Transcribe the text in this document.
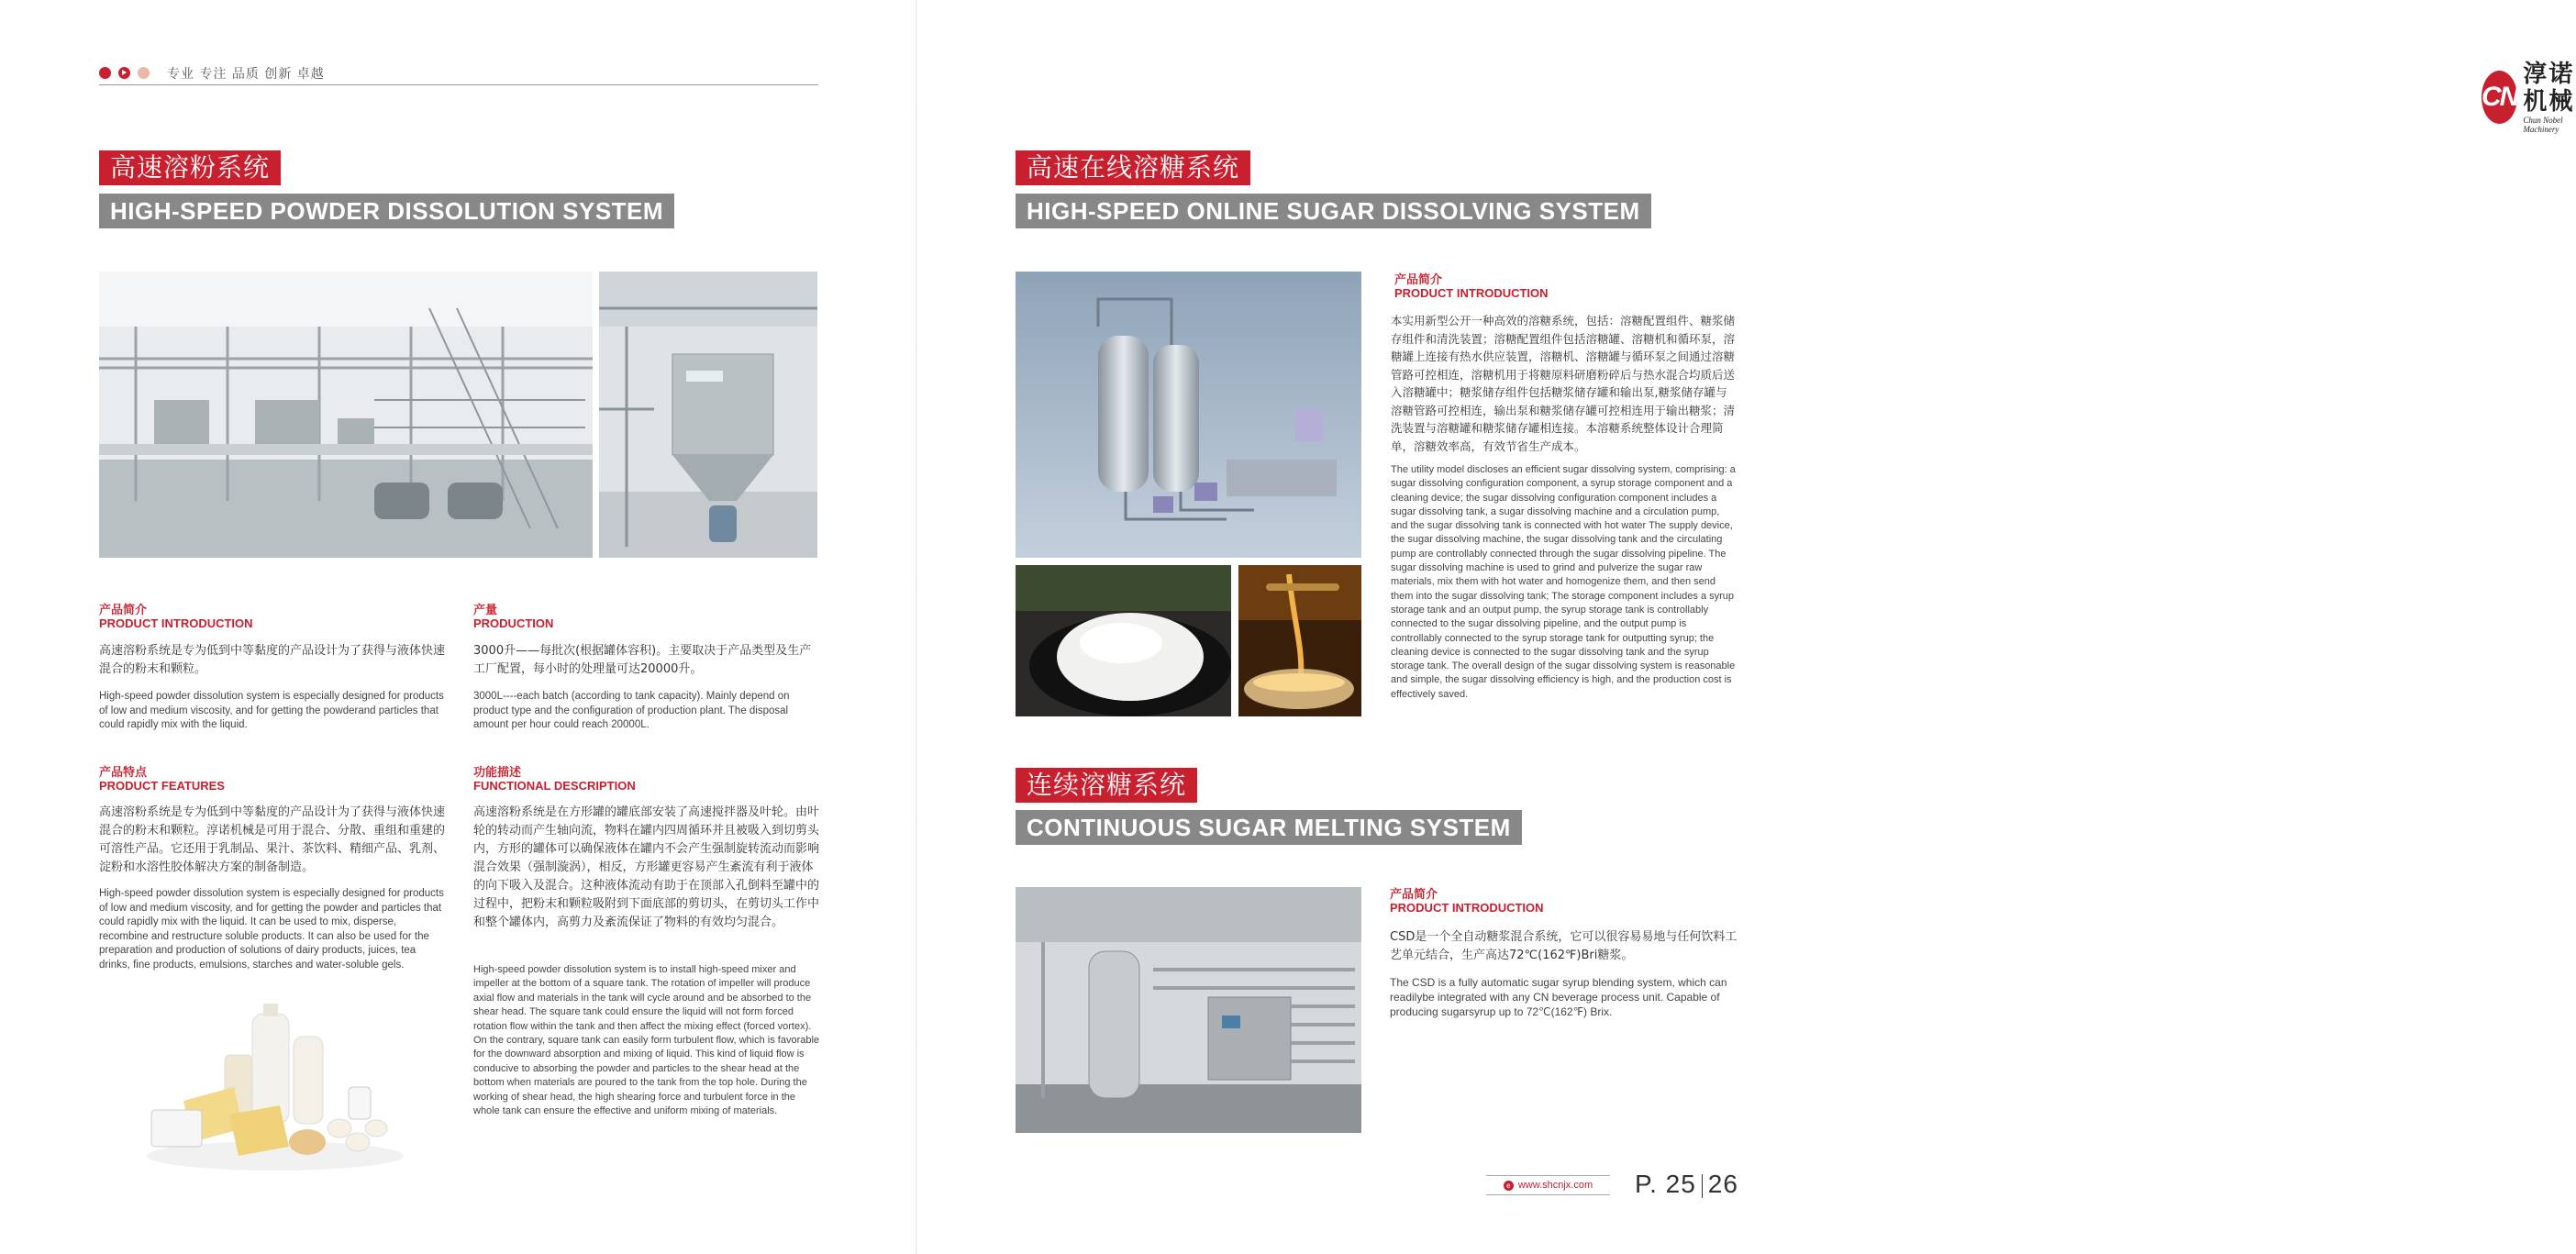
专业 专注 品质 创新 卓越
高速溶粉系统
HIGH-SPEED POWDER DISSOLUTION SYSTEM
产品简介
PRODUCT INTRODUCTION
高速溶粉系统是专为低到中等黏度的产品设计为了获得与液体快速混合的粉末和颗粒。
High-speed powder dissolution system is especially designed for products of low and medium viscosity, and for getting the powderand particles that could rapidly mix with the liquid.
产量
PRODUCTION
3000升——每批次(根据罐体容积)。主要取决于产品类型及生产工厂配置，每小时的处理量可达20000升。
3000L----each batch (according to tank capacity). Mainly depend on product type and the configuration of production plant. The disposal amount per hour could reach 20000L.
产品特点
PRODUCT FEATURES
高速溶粉系统是专为低到中等黏度的产品设计为了获得与液体快速混合的粉末和颗粒。淳诺机械是可用于混合、分散、重组和重建的可溶性产品。它还用于乳制品、果汁、茶饮料、精细产品、乳剂、淀粉和水溶性胶体解决方案的制备制造。
High-speed powder dissolution system is especially designed for products of low and medium viscosity, and for getting the powder and particles that could rapidly mix with the liquid. It can be used to mix, disperse, recombine and restructure soluble products. It can also be used for the preparation and production of solutions of dairy products, juices, tea drinks, fine products, emulsions, starches and water-soluble gels.
功能描述
FUNCTIONAL DESCRIPTION
高速溶粉系统是在方形罐的罐底部安装了高速搅拌器及叶轮。由叶轮的转动而产生轴向流，物料在罐内四周循环并且被吸入到切剪头内，方形的罐体可以确保液体在罐内不会产生强制旋转流动而影响混合效果（强制漩涡），相反，方形罐更容易产生紊流有利于液体的向下吸入及混合。这种液体流动有助于在顶部入孔倒料至罐中的过程中，把粉末和颗粒吸附到下面底部的剪切头，在剪切头工作中和整个罐体内，高剪力及紊流保证了物料的有效均匀混合。
High-speed powder dissolution system is to install high-speed mixer and impeller at the bottom of a square tank. The rotation of impeller will produce axial flow and materials in the tank will cycle around and be absorbed to the shear head. The square tank could ensure the liquid will not form forced rotation flow within the tank and then affect the mixing effect (forced vortex). On the contrary, square tank can easily form turbulent flow, which is favorable for the downward absorption and mixing of liquid. This kind of liquid flow is conducive to absorbing the powder and particles to the shear head at the bottom when materials are poured to the tank from the top hole. During the working of shear head, the high shearing force and turbulent force in the whole tank can ensure the effective and uniform mixing of materials.
CN
淳诺机械
Chun Nobel Machinery
高速在线溶糖系统
HIGH-SPEED ONLINE SUGAR DISSOLVING SYSTEM
产品简介
PRODUCT INTRODUCTION
本实用新型公开一种高效的溶糖系统，包括：溶糖配置组件、糖浆储存组件和清洗装置；溶糖配置组件包括溶糖罐、溶糖机和循环泵，溶糖罐上连接有热水供应装置，溶糖机、溶糖罐与循环泵之间通过溶糖管路可控相连，溶糖机用于将糖原料研磨粉碎后与热水混合均质后送入溶糖罐中；糖浆储存组件包括糖浆储存罐和输出泵,糖浆储存罐与溶糖管路可控相连，输出泵和糖浆储存罐可控相连用于输出糖浆；清洗装置与溶糖罐和糖浆储存罐相连接。本溶糖系统整体设计合理简单，溶糖效率高，有效节省生产成本。
The utility model discloses an efficient sugar dissolving system, comprising: a sugar dissolving configuration component, a syrup storage component and a cleaning device; the sugar dissolving configuration component includes a sugar dissolving tank, a sugar dissolving machine and a circulation pump, and the sugar dissolving tank is connected with hot water The supply device, the sugar dissolving machine, the sugar dissolving tank and the circulating pump are controllably connected through the sugar dissolving pipeline. The sugar dissolving machine is used to grind and pulverize the sugar raw materials, mix them with hot water and homogenize them, and then send them into the sugar dissolving tank; The storage component includes a syrup storage tank and an output pump, the syrup storage tank is controllably connected to the sugar dissolving pipeline, and the output pump is controllably connected to the syrup storage tank for outputting syrup; the cleaning device is connected to the sugar dissolving tank and the syrup storage tank. The overall design of the sugar dissolving system is reasonable and simple, the sugar dissolving efficiency is high, and the production cost is effectively saved.
连续溶糖系统
CONTINUOUS SUGAR MELTING SYSTEM
产品简介
PRODUCT INTRODUCTION
CSD是一个全自动糖浆混合系统，它可以很容易易地与任何饮料工艺单元结合，生产高达72℃(162℉)Bri糖浆。
The CSD is a fully automatic sugar syrup blending system, which can readilybe integrated with any CN beverage process unit. Capable of producing sugarsyrup up to 72℃(162℉) Brix.
e www.shcnjx.com P. 25 26
